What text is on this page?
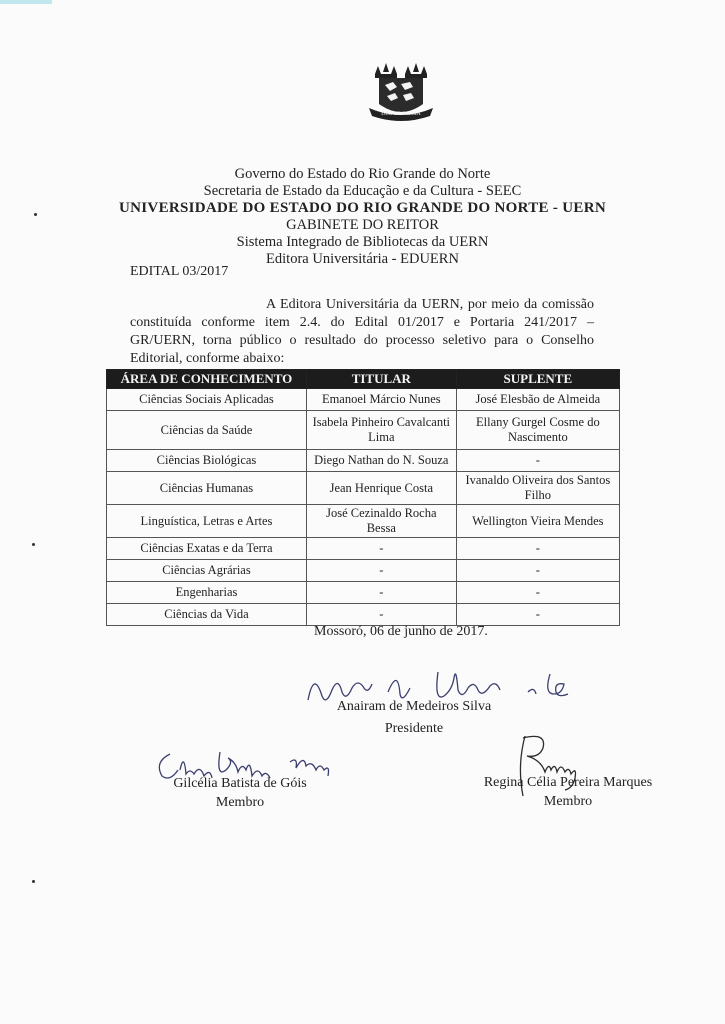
DEO ET PATRIA
Governo do Estado do Rio Grande do Norte
Secretaria de Estado da Educação e da Cultura - SEEC
UNIVERSIDADE DO ESTADO DO RIO GRANDE DO NORTE - UERN
GABINETE DO REITOR
Sistema Integrado de Bibliotecas da UERN
Editora Universitária - EDUERN
EDITAL 03/2017
A Editora Universitária da UERN, por meio da comissão constituída conforme item 2.4. do Edital 01/2017 e Portaria 241/2017 – GR/UERN, torna público o resultado do processo seletivo para o Conselho Editorial, conforme abaixo:
ÁREA DE CONHECIMENTO	TITULAR	SUPLENTE
Ciências Sociais Aplicadas	Emanoel Márcio Nunes	José Elesbão de Almeida
Ciências da Saúde	Isabela Pinheiro Cavalcanti Lima	Ellany Gurgel Cosme do Nascimento
Ciências Biológicas	Diego Nathan do N. Souza	-
Ciências Humanas	Jean Henrique Costa	Ivanaldo Oliveira dos Santos Filho
Linguística, Letras e Artes	José Cezinaldo Rocha Bessa	Wellington Vieira Mendes
Ciências Exatas e da Terra	-	-
Ciências Agrárias	-	-
Engenharias	-	-
Ciências da Vida	-	-
Mossoró, 06 de junho de 2017.
Anairam de Medeiros Silva
Presidente
Gilcélia Batista de Góis
Membro
Regina Célia Pereira Marques
Membro
